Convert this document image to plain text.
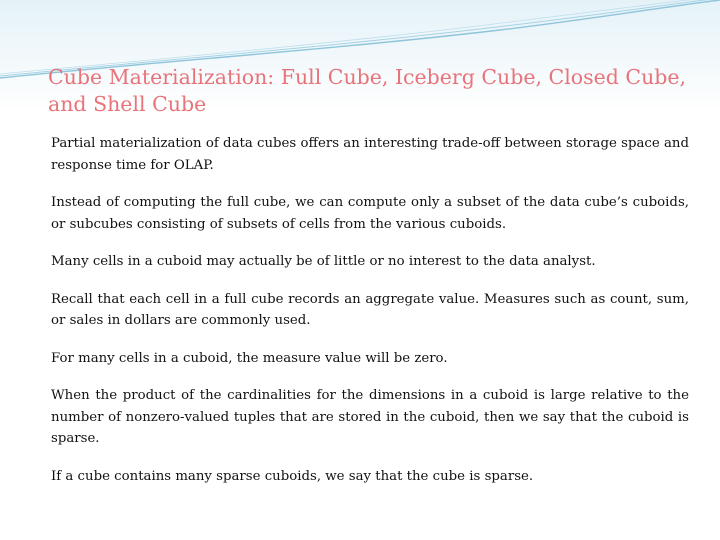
Cube Materialization: Full Cube, Iceberg Cube, Closed Cube, and Shell Cube

Partial materialization of data cubes offers an interesting trade-off between storage space and response time for OLAP.

Instead of computing the full cube, we can compute only a subset of the data cube’s cuboids, or subcubes consisting of subsets of cells from the various cuboids.

Many cells in a cuboid may actually be of little or no interest to the data analyst.

Recall that each cell in a full cube records an aggregate value. Measures such as count, sum, or sales in dollars are commonly used.

For many cells in a cuboid, the measure value will be zero.

When the product of the cardinalities for the dimensions in a cuboid is large relative to the number of nonzero-valued tuples that are stored in the cuboid, then we say that the cuboid is sparse.

If a cube contains many sparse cuboids, we say that the cube is sparse.
